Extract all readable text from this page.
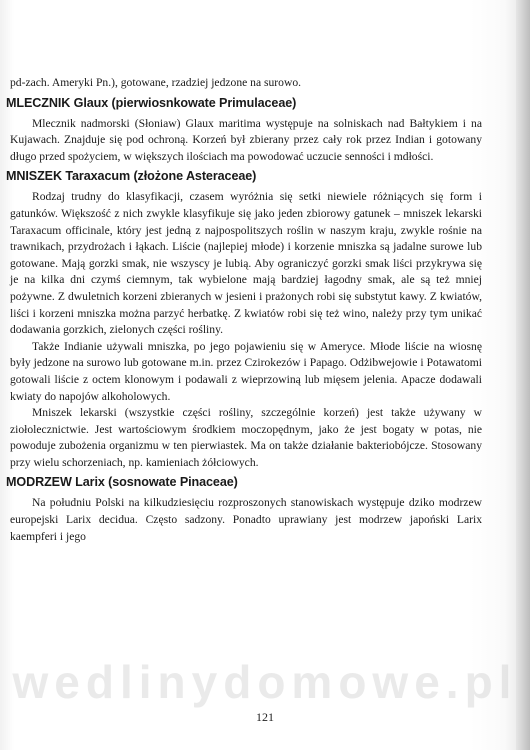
pd-zach. Ameryki Pn.), gotowane, rzadziej jedzone na surowo.

MLECZNIK Glaux (pierwiosnkowate Primulaceae)

Mlecznik nadmorski (Słoniaw) Glaux maritima występuje na solniskach nad Bałtykiem i na Kujawach. Znajduje się pod ochroną. Korzeń był zbierany przez cały rok przez Indian i gotowany długo przed spożyciem, w większych ilościach ma powodować uczucie senności i mdłości.

MNISZEK Taraxacum (złożone Asteraceae)

Rodzaj trudny do klasyfikacji, czasem wyróżnia się setki niewiele różniących się form i gatunków. Większość z nich zwykle klasyfikuje się jako jeden zbiorowy gatunek – mniszek lekarski Taraxacum officinale, który jest jedną z najpospolitszych roślin w naszym kraju, zwykle rośnie na trawnikach, przydrożach i łąkach. Liście (najlepiej młode) i korzenie mniszka są jadalne surowe lub gotowane. Mają gorzki smak, nie wszyscy je lubią. Aby ograniczyć gorzki smak liści przykrywa się je na kilka dni czymś ciemnym, tak wybielone mają bardziej łagodny smak, ale są też mniej pożywne. Z dwuletnich korzeni zbieranych w jesieni i prażonych robi się substytut kawy. Z kwiatów, liści i korzeni mniszka można parzyć herbatkę. Z kwiatów robi się też wino, należy przy tym unikać dodawania gorzkich, zielonych części rośliny.

Także Indianie używali mniszka, po jego pojawieniu się w Ameryce. Młode liście na wiosnę były jedzone na surowo lub gotowane m.in. przez Czirokezów i Papago. Odżibwejowie i Potawatomi gotowali liście z octem klonowym i podawali z wieprzowiną lub mięsem jelenia. Apacze dodawali kwiaty do napojów alkoholowych.

Mniszek lekarski (wszystkie części rośliny, szczególnie korzeń) jest także używany w ziołolecznictwie. Jest wartościowym środkiem moczopędnym, jako że jest bogaty w potas, nie powoduje zubożenia organizmu w ten pierwiastek. Ma on także działanie bakteriobójcze. Stosowany przy wielu schorzeniach, np. kamieniach żółciowych.

MODRZEW Larix (sosnowate Pinaceae)

Na południu Polski na kilkudziesięciu rozproszonych stanowiskach występuje dziko modrzew europejski Larix decidua. Często sadzony. Ponadto uprawiany jest modrzew japoński Larix kaempferi i jego

wedlinydomowe.pl
121
